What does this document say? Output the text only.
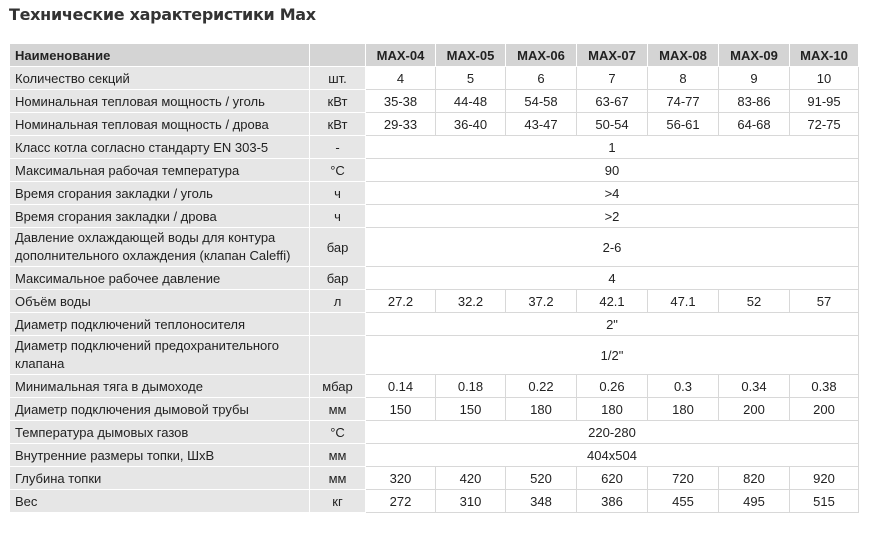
Технические характеристики Max
Наименование		MAX-04	MAX-05	MAX-06	MAX-07	MAX-08	MAX-09	MAX-10
Количество секций	шт.	4	5	6	7	8	9	10
Номинальная тепловая мощность / уголь	кВт	35-38	44-48	54-58	63-67	74-77	83-86	91-95
Номинальная тепловая мощность / дрова	кВт	29-33	36-40	43-47	50-54	56-61	64-68	72-75
Класс котла согласно стандарту EN 303-5	-	1						
Максимальная рабочая температура	°C	90						
Время сгорания закладки / уголь	ч	>4						
Время сгорания закладки / дрова	ч	>2						
Давление охлаждающей воды для контура дополнительного охлаждения (клапан Caleffi)	бар	2-6						
Максимальное рабочее давление	бар	4						
Объём воды	л	27.2	32.2	37.2	42.1	47.1	52	57
Диаметр подключений теплоносителя		2"						
Диаметр подключений предохранительного клапана		1/2"						
Минимальная тяга в дымоходе	мбар	0.14	0.18	0.22	0.26	0.3	0.34	0.38
Диаметр подключения дымовой трубы	мм	150	150	180	180	180	200	200
Температура дымовых газов	°C	220-280						
Внутренние размеры топки, ШхВ	мм	404x504						
Глубина топки	мм	320	420	520	620	720	820	920
Вес	кг	272	310	348	386	455	495	515
